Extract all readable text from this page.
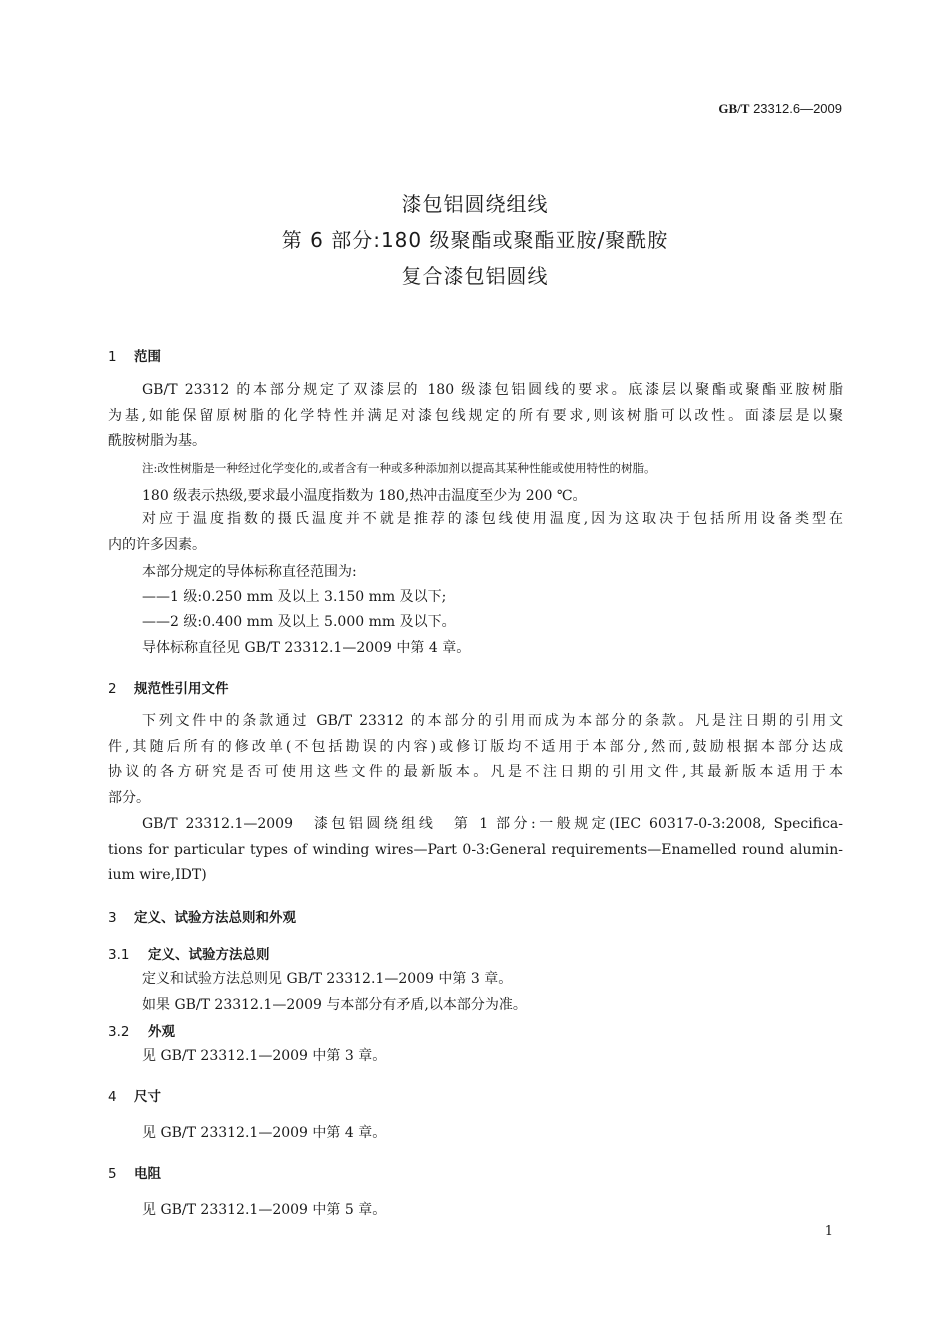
GB/T 23312.6—2009
漆包铝圆绕组线
第 6 部分:180 级聚酯或聚酯亚胺/聚酰胺
复合漆包铝圆线
1 范围
GB/T 23312 的本部分规定了双漆层的 180 级漆包铝圆线的要求。底漆层以聚酯或聚酯亚胺树脂
为基,如能保留原树脂的化学特性并满足对漆包线规定的所有要求,则该树脂可以改性。面漆层是以聚
酰胺树脂为基。
注:改性树脂是一种经过化学变化的,或者含有一种或多种添加剂以提高其某种性能或使用特性的树脂。
180 级表示热级,要求最小温度指数为 180,热冲击温度至少为 200 ℃。
对应于温度指数的摄氏温度并不就是推荐的漆包线使用温度,因为这取决于包括所用设备类型在
内的许多因素。
本部分规定的导体标称直径范围为:
——1 级:0.250 mm 及以上 3.150 mm 及以下;
——2 级:0.400 mm 及以上 5.000 mm 及以下。
导体标称直径见 GB/T 23312.1—2009 中第 4 章。
2 规范性引用文件
下列文件中的条款通过 GB/T 23312 的本部分的引用而成为本部分的条款。凡是注日期的引用文
件,其随后所有的修改单(不包括勘误的内容)或修订版均不适用于本部分,然而,鼓励根据本部分达成
协议的各方研究是否可使用这些文件的最新版本。凡是不注日期的引用文件,其最新版本适用于本
部分。
GB/T 23312.1—2009　漆包铝圆绕组线　第 1 部分:一般规定(IEC 60317-0-3:2008, Specifica-
tions for particular types of winding wires—Part 0-3:General requirements—Enamelled round alumin-
ium wire,IDT)
3 定义、试验方法总则和外观
3.1 定义、试验方法总则
定义和试验方法总则见 GB/T 23312.1—2009 中第 3 章。
如果 GB/T 23312.1—2009 与本部分有矛盾,以本部分为准。
3.2 外观
见 GB/T 23312.1—2009 中第 3 章。
4 尺寸
见 GB/T 23312.1—2009 中第 4 章。
5 电阻
见 GB/T 23312.1—2009 中第 5 章。
1
